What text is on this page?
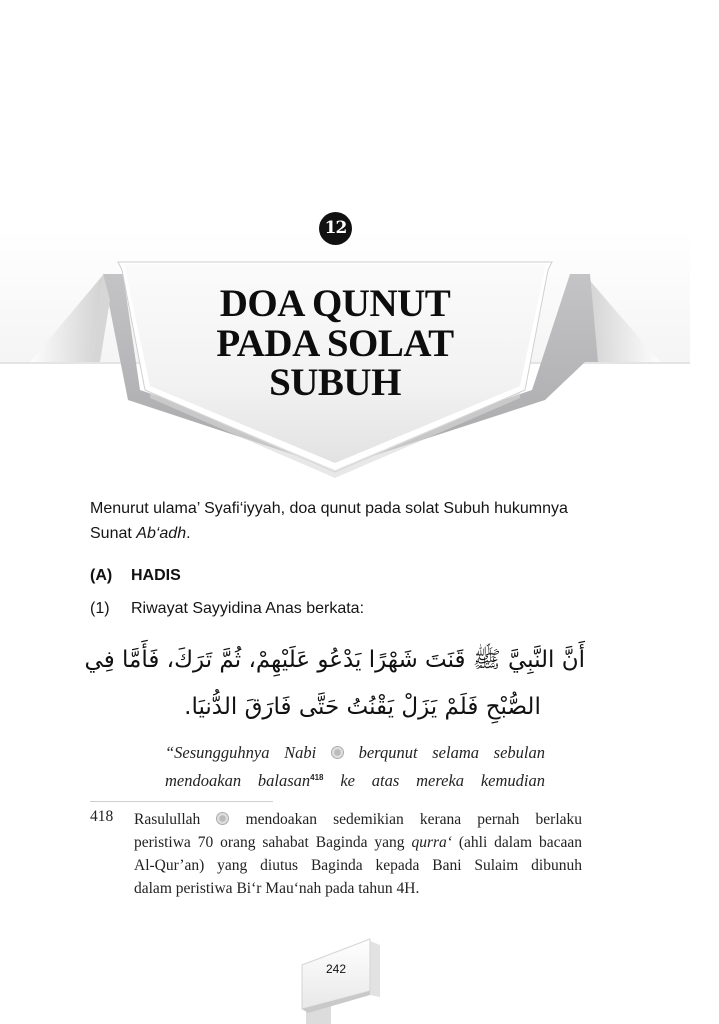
12
DOA QUNUT
PADA SOLAT
SUBUH
Menurut ulama’ Syafi‘iyyah, doa qunut pada solat Subuh hukumnya Sunat Ab‘adh.
(A) HADIS
(1) Riwayat Sayyidina Anas berkata:
أَنَّ النَّبِيَّ ﷺ قَنَتَ شَهْرًا يَدْعُو عَلَيْهِمْ، ثُمَّ تَرَكَ، فَأَمَّا فِي
الصُّبْحِ فَلَمْ يَزَلْ يَقْنُتُ حَتَّى فَارَقَ الدُّنيَا.
“Sesungguhnya Nabi	berqunut selama sebulan
mendoakan balasan$^{418}$ ke atas mereka kemudian
418 Rasulullah	mendoakan sedemikian kerana pernah berlaku
peristiwa 70 orang sahabat Baginda yang qurra‘ (ahli dalam bacaan
Al-Qur’an) yang diutus Baginda kepada Bani Sulaim dibunuh
dalam peristiwa Bi‘r Mau‘nah pada tahun 4H.
242
